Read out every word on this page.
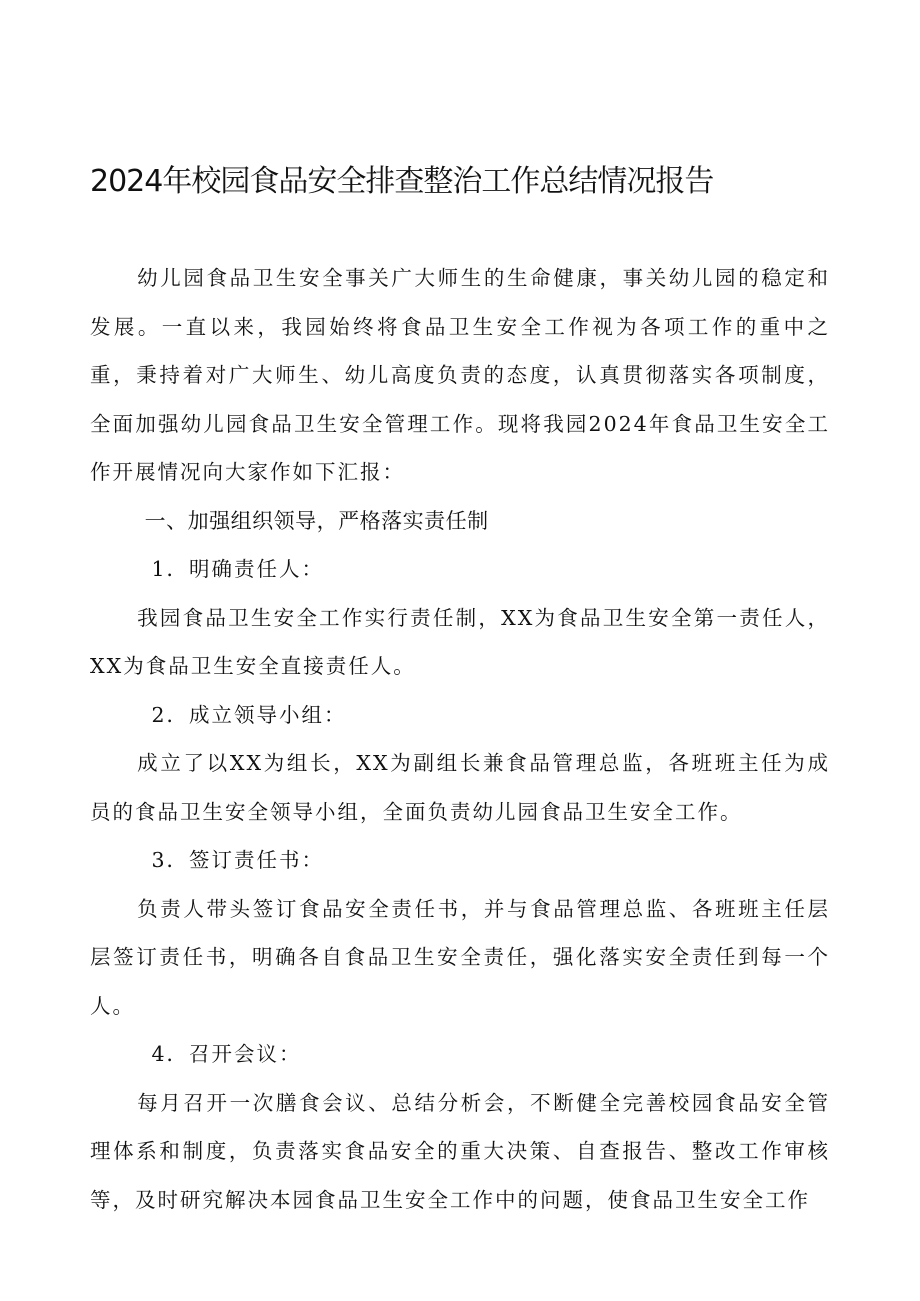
2024年校园食品安全排查整治工作总结情况报告

幼儿园食品卫生安全事关广大师生的生命健康，事关幼儿园的稳定和发展。一直以来，我园始终将食品卫生安全工作视为各项工作的重中之重，秉持着对广大师生、幼儿高度负责的态度，认真贯彻落实各项制度，全面加强幼儿园食品卫生安全管理工作。现将我园2024年食品卫生安全工作开展情况向大家作如下汇报：

一、加强组织领导，严格落实责任制

1．明确责任人：

我园食品卫生安全工作实行责任制，XX为食品卫生安全第一责任人，XX为食品卫生安全直接责任人。

2．成立领导小组：

成立了以XX为组长，XX为副组长兼食品管理总监，各班班主任为成员的食品卫生安全领导小组，全面负责幼儿园食品卫生安全工作。

3．签订责任书：

负责人带头签订食品安全责任书，并与食品管理总监、各班班主任层层签订责任书，明确各自食品卫生安全责任，强化落实安全责任到每一个人。

4．召开会议：

每月召开一次膳食会议、总结分析会，不断健全完善校园食品安全管理体系和制度，负责落实食品安全的重大决策、自查报告、整改工作审核等，及时研究解决本园食品卫生安全工作中的问题，使食品卫生安全工作
